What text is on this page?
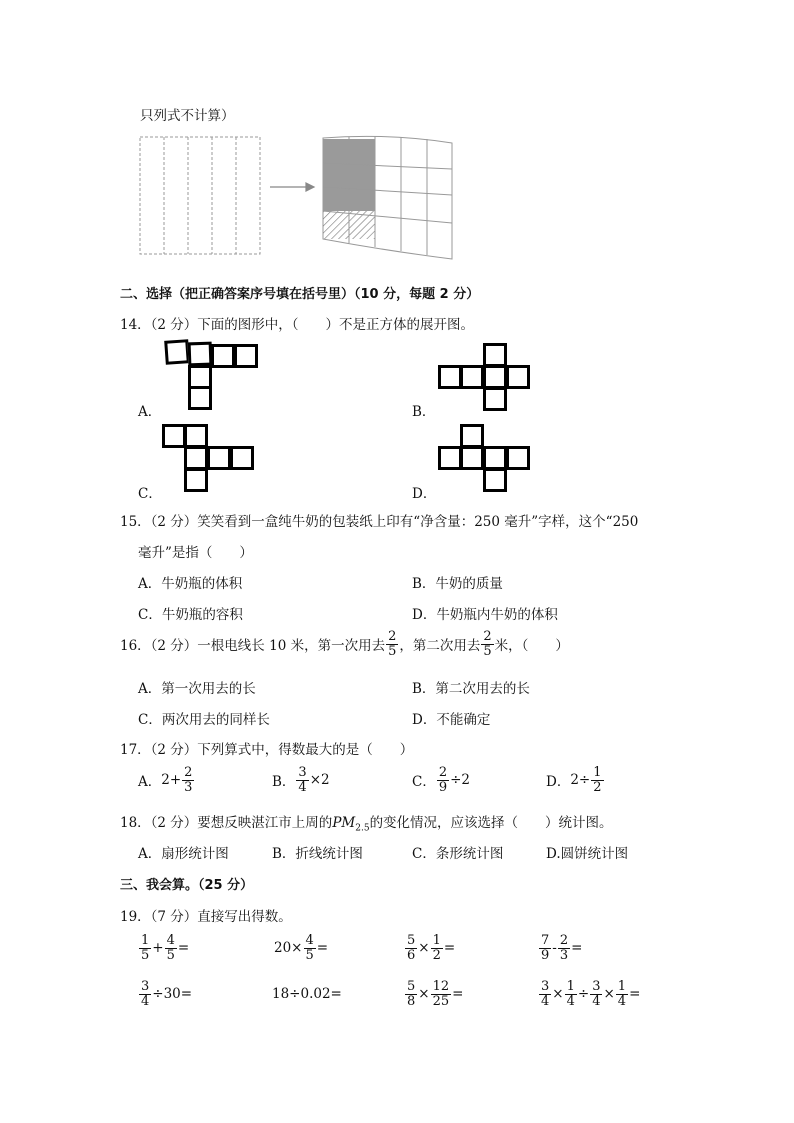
只列式不计算）
二、选择（把正确答案序号填在括号里）（10 分，每题 2 分）
14．（2 分）下面的图形中，（　　）不是正方体的展开图。
A．	B．
C．	D．
15．（2 分）笑笑看到一盒纯牛奶的包装纸上印有“净含量：250 毫升”字样，这个“250
毫升”是指（　　）
A．牛奶瓶的体积	B．牛奶的质量
C．牛奶瓶的容积	D．牛奶瓶内牛奶的体积
16．（2 分）一根电线长 10 米，第一次用去 $\frac{2}{5}$ ，第二次用去 $\frac{2}{5}$ 米，（　　）
A．第一次用去的长	B．第二次用去的长
C．两次用去的同样长	D．不能确定
17．（2 分）下列算式中，得数最大的是（　　）
A． $2+ \frac{2}{3}$	B． $\frac{3}{4} \times 2$	C． $\frac{2}{9} \div 2$	D． $2\div \frac{1}{2}$
18．（2 分）要想反映湛江市上周的$PM_{2.5}$的变化情况，应该选择（　　）统计图。
A．扇形统计图	B．折线统计图	C．条形统计图	D.圆饼统计图
三、我会算。（25 分）
19．（7 分）直接写出得数。
$\frac{1}{5} + \frac{4}{5}$ =	$20\times \frac{4}{5}$ =	$\frac{5}{6} \times \frac{1}{2}$ =	$\frac{7}{9} - \frac{2}{3}$ =
$\frac{3}{4} \div 30=$	18÷0.02=	$\frac{5}{8} \times \frac{12}{25}$ =	$\frac{3}{4} \times \frac{1}{4} \div \frac{3}{4} \times \frac{1}{4}$ =
